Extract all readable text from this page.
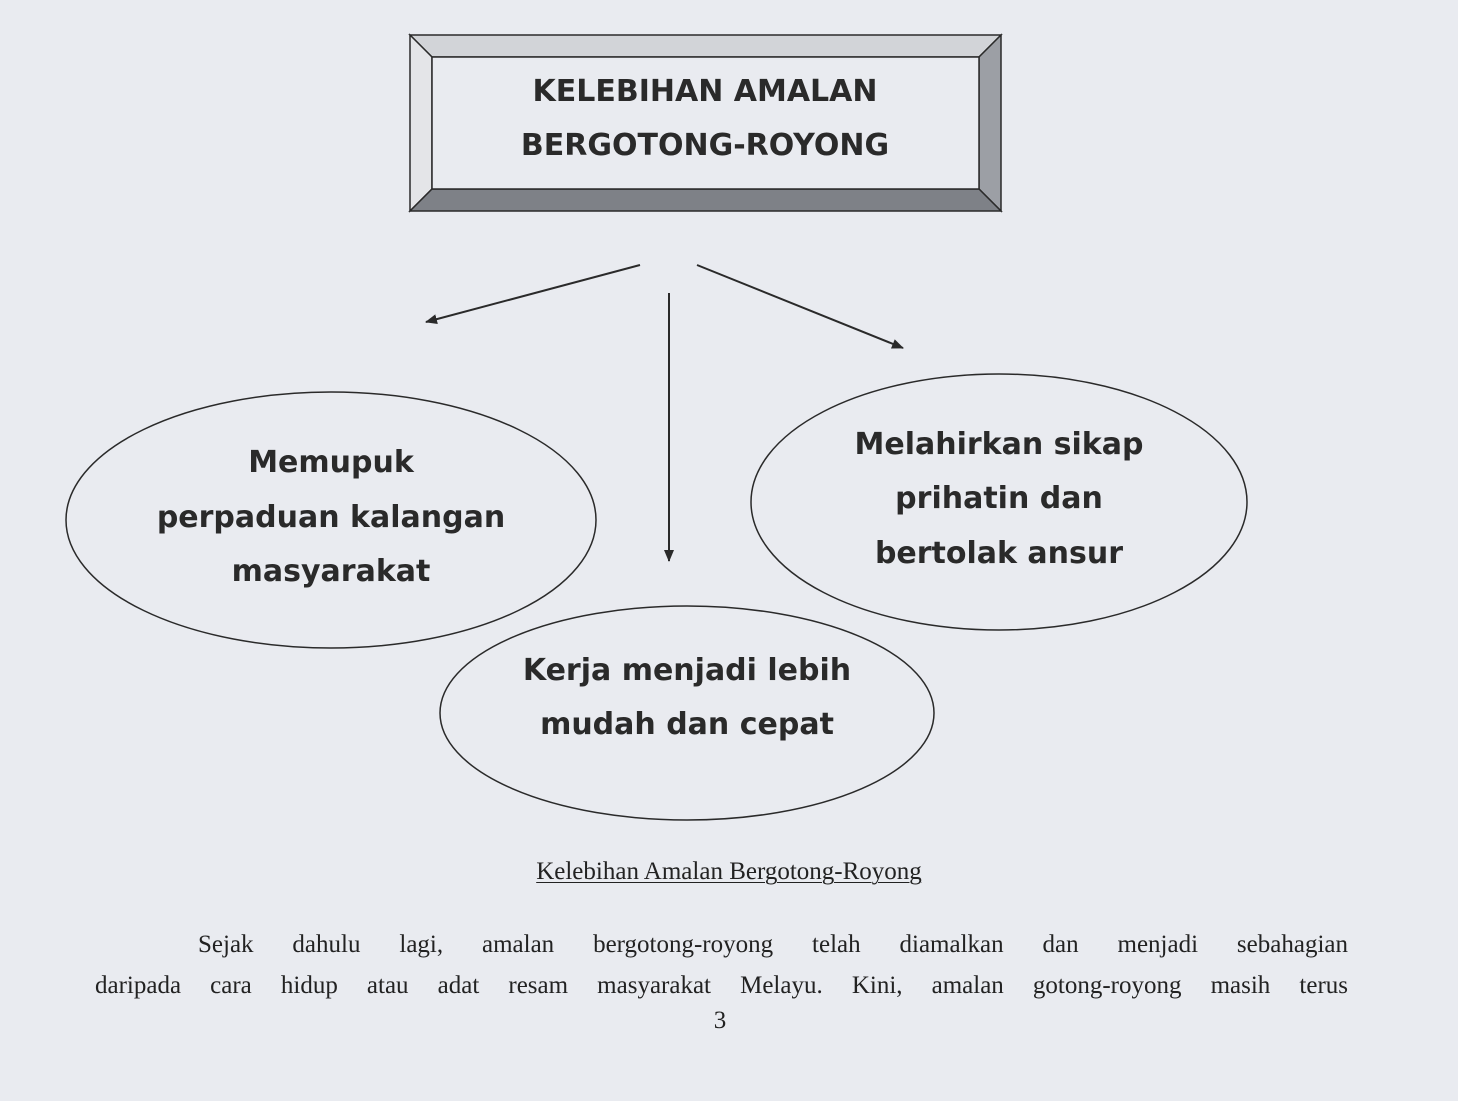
KELEBIHAN AMALAN
BERGOTONG-ROYONG
Memupuk
perpaduan kalangan
masyarakat
Melahirkan sikap
prihatin dan
bertolak ansur
Kerja menjadi lebih
mudah dan cepat

Kelebihan Amalan Bergotong-Royong

Sejak dahulu lagi, amalan bergotong-royong telah diamalkan dan menjadi sebahagian
daripada cara hidup atau adat resam masyarakat Melayu. Kini, amalan gotong-royong masih terus

3
